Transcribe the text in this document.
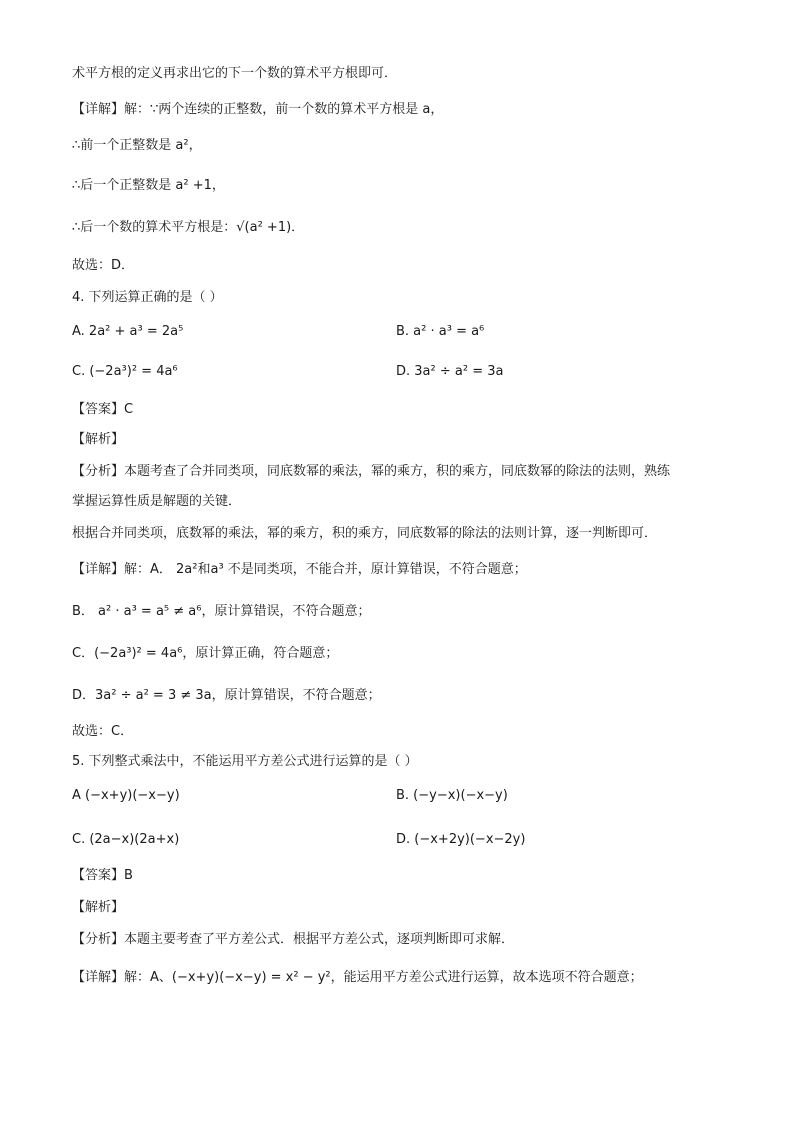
术平方根的定义再求出它的下一个数的算术平方根即可．
【详解】解：∵两个连续的正整数，前一个数的算术平方根是 a，
∴前一个正整数是 a²，
∴后一个正整数是 a² +1，
∴后一个数的算术平方根是：√(a² +1)．
故选：D．
4. 下列运算正确的是（ ）
A. 2a² + a³ = 2a⁵	B. a² · a³ = a⁶
C. (−2a³)² = 4a⁶	D. 3a² ÷ a² = 3a
【答案】C
【解析】
【分析】本题考查了合并同类项，同底数幂的乘法，幂的乘方，积的乘方，同底数幂的除法的法则，熟练
掌握运算性质是解题的关键．
根据合并同类项，底数幂的乘法，幂的乘方，积的乘方，同底数幂的除法的法则计算，逐一判断即可．
【详解】解：A． 2a²和a³ 不是同类项，不能合并，原计算错误，不符合题意；
B． a² · a³ = a⁵ ≠ a⁶，原计算错误，不符合题意；
C．(−2a³)² = 4a⁶，原计算正确，符合题意；
D．3a² ÷ a² = 3 ≠ 3a，原计算错误，不符合题意；
故选：C．
5. 下列整式乘法中，不能运用平方差公式进行运算的是（ ）
A (−x+y)(−x−y)	B. (−y−x)(−x−y)
C. (2a−x)(2a+x)	D. (−x+2y)(−x−2y)
【答案】B
【解析】
【分析】本题主要考查了平方差公式．根据平方差公式，逐项判断即可求解．
【详解】解：A、(−x+y)(−x−y) = x² − y²，能运用平方差公式进行运算，故本选项不符合题意；
